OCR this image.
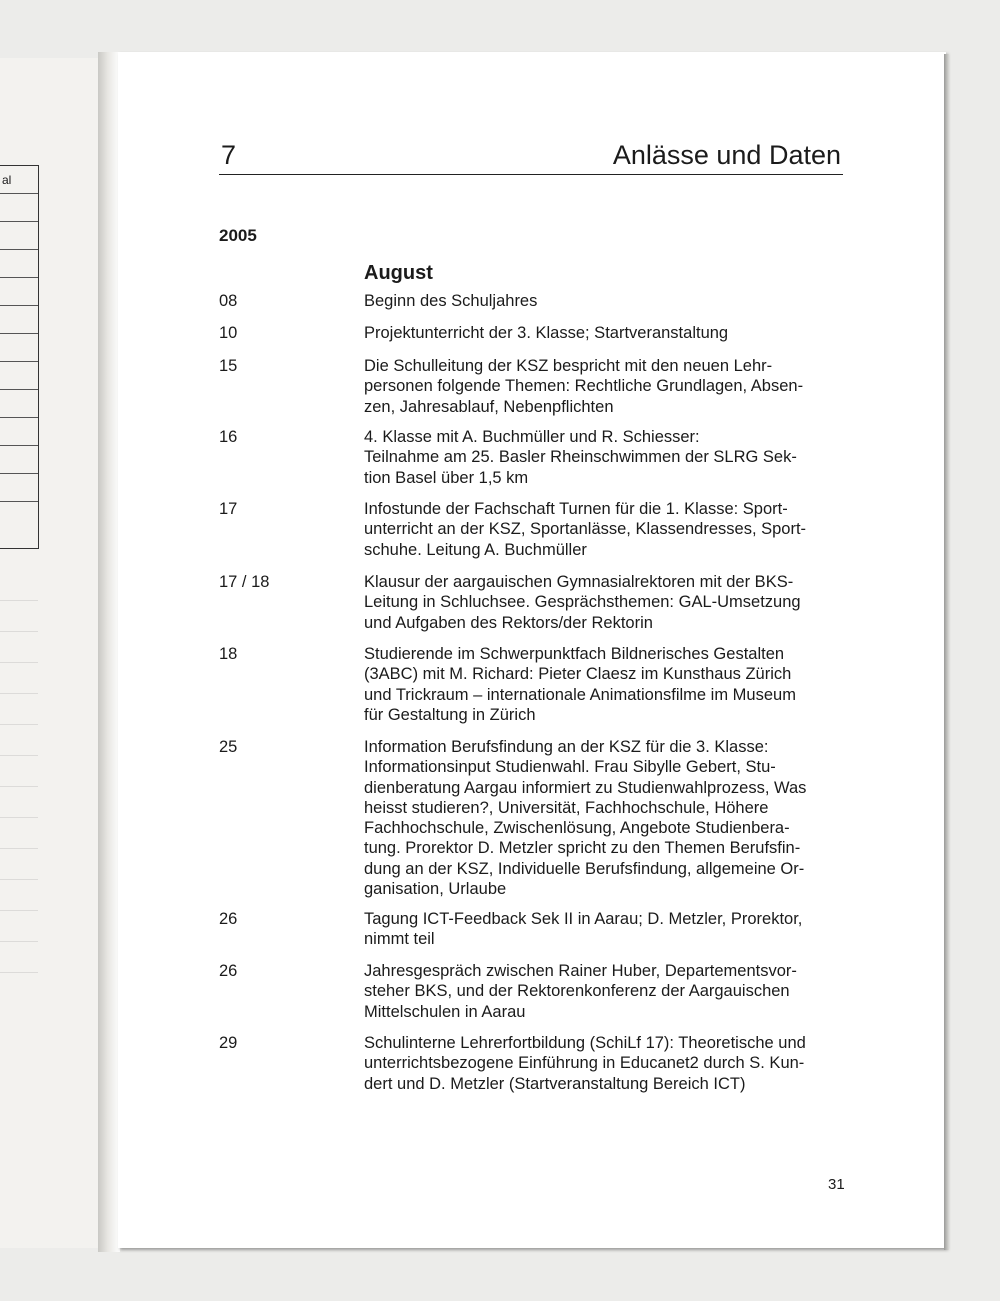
al
7	Anlässe und Daten
2005
August
08	Beginn des Schuljahres
10	Projektunterricht der 3. Klasse; Startveranstaltung
15	Die Schulleitung der KSZ bespricht mit den neuen Lehr-
personen folgende Themen: Rechtliche Grundlagen, Absen-
zen, Jahresablauf, Nebenpflichten
16	4. Klasse mit A. Buchmüller und R. Schiesser:
Teilnahme am 25. Basler Rheinschwimmen der SLRG Sek-
tion Basel über 1,5 km
17	Infostunde der Fachschaft Turnen für die 1. Klasse: Sport-
unterricht an der KSZ, Sportanlässe, Klassendresses, Sport-
schuhe. Leitung A. Buchmüller
17 / 18	Klausur der aargauischen Gymnasialrektoren mit der BKS-
Leitung in Schluchsee. Gesprächsthemen: GAL-Umsetzung
und Aufgaben des Rektors/der Rektorin
18	Studierende im Schwerpunktfach Bildnerisches Gestalten
(3ABC) mit M. Richard: Pieter Claesz im Kunsthaus Zürich
und Trickraum – internationale Animationsfilme im Museum
für Gestaltung in Zürich
25	Information Berufsfindung an der KSZ für die 3. Klasse:
Informationsinput Studienwahl. Frau Sibylle Gebert, Stu-
dienberatung Aargau informiert zu Studienwahlprozess, Was
heisst studieren?, Universität, Fachhochschule, Höhere
Fachhochschule, Zwischenlösung, Angebote Studienbera-
tung. Prorektor D. Metzler spricht zu den Themen Berufsfin-
dung an der KSZ, Individuelle Berufsfindung, allgemeine Or-
ganisation, Urlaube
26	Tagung ICT-Feedback Sek II in Aarau; D. Metzler, Prorektor,
nimmt teil
26	Jahresgespräch zwischen Rainer Huber, Departementsvor-
steher BKS, und der Rektorenkonferenz der Aargauischen
Mittelschulen in Aarau
29	Schulinterne Lehrerfortbildung (SchiLf 17): Theoretische und
unterrichtsbezogene Einführung in Educanet2 durch S. Kun-
dert und D. Metzler (Startveranstaltung Bereich ICT)
31
